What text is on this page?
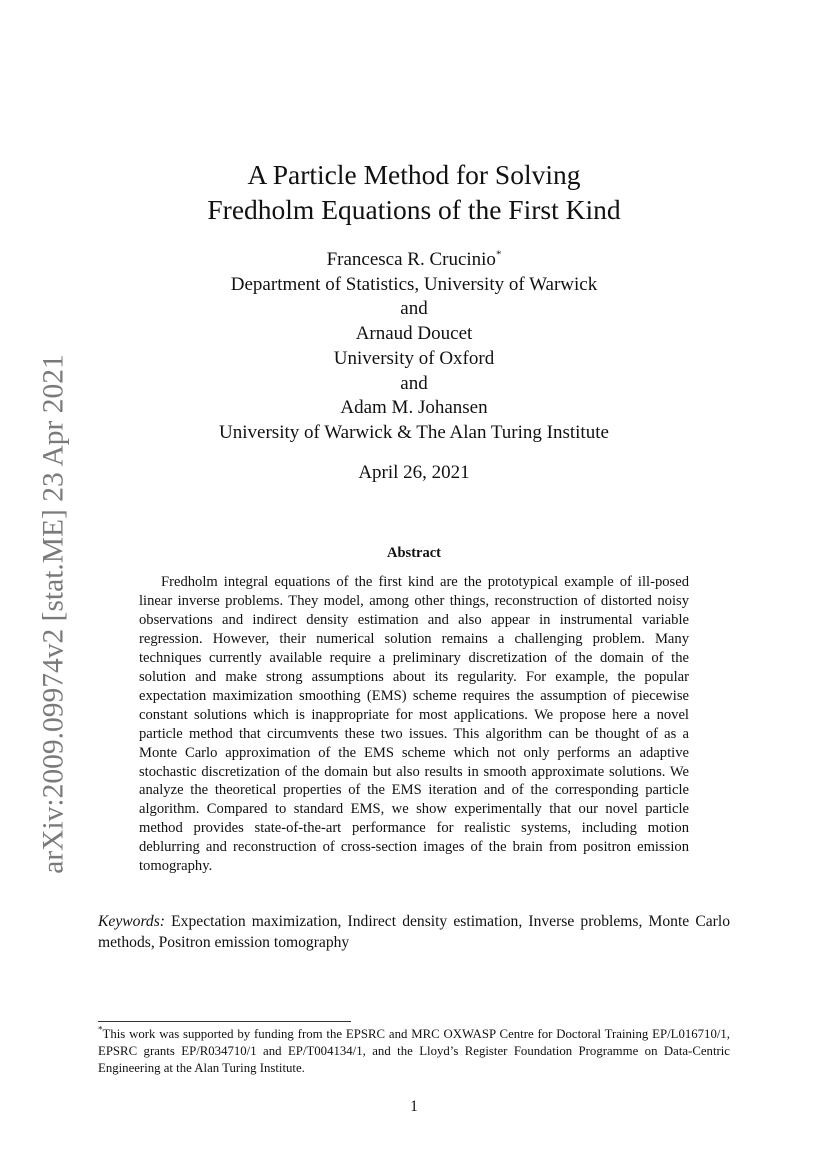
arXiv:2009.09974v2 [stat.ME] 23 Apr 2021
A Particle Method for Solving
Fredholm Equations of the First Kind
Francesca R. Crucinio*
Department of Statistics, University of Warwick
and
Arnaud Doucet
University of Oxford
and
Adam M. Johansen
University of Warwick & The Alan Turing Institute
April 26, 2021
Abstract
Fredholm integral equations of the first kind are the prototypical example of ill-posed linear inverse problems. They model, among other things, reconstruction of distorted noisy observations and indirect density estimation and also appear in instrumental variable regression. However, their numerical solution remains a challenging problem. Many techniques currently available require a preliminary discretization of the domain of the solution and make strong assumptions about its regularity. For example, the popular expectation maximization smoothing (EMS) scheme requires the assumption of piecewise constant solutions which is inappropriate for most applications. We propose here a novel particle method that circumvents these two issues. This algorithm can be thought of as a Monte Carlo approximation of the EMS scheme which not only performs an adaptive stochastic discretization of the domain but also results in smooth approximate solutions. We analyze the theoretical properties of the EMS iteration and of the corresponding particle algorithm. Compared to standard EMS, we show experimentally that our novel particle method provides state-of-the-art performance for realistic systems, including motion deblurring and reconstruction of cross-section images of the brain from positron emission tomography.
Keywords: Expectation maximization, Indirect density estimation, Inverse problems, Monte Carlo methods, Positron emission tomography
*This work was supported by funding from the EPSRC and MRC OXWASP Centre for Doctoral Training EP/L016710/1, EPSRC grants EP/R034710/1 and EP/T004134/1, and the Lloyd’s Register Foundation Programme on Data-Centric Engineering at the Alan Turing Institute.
1
